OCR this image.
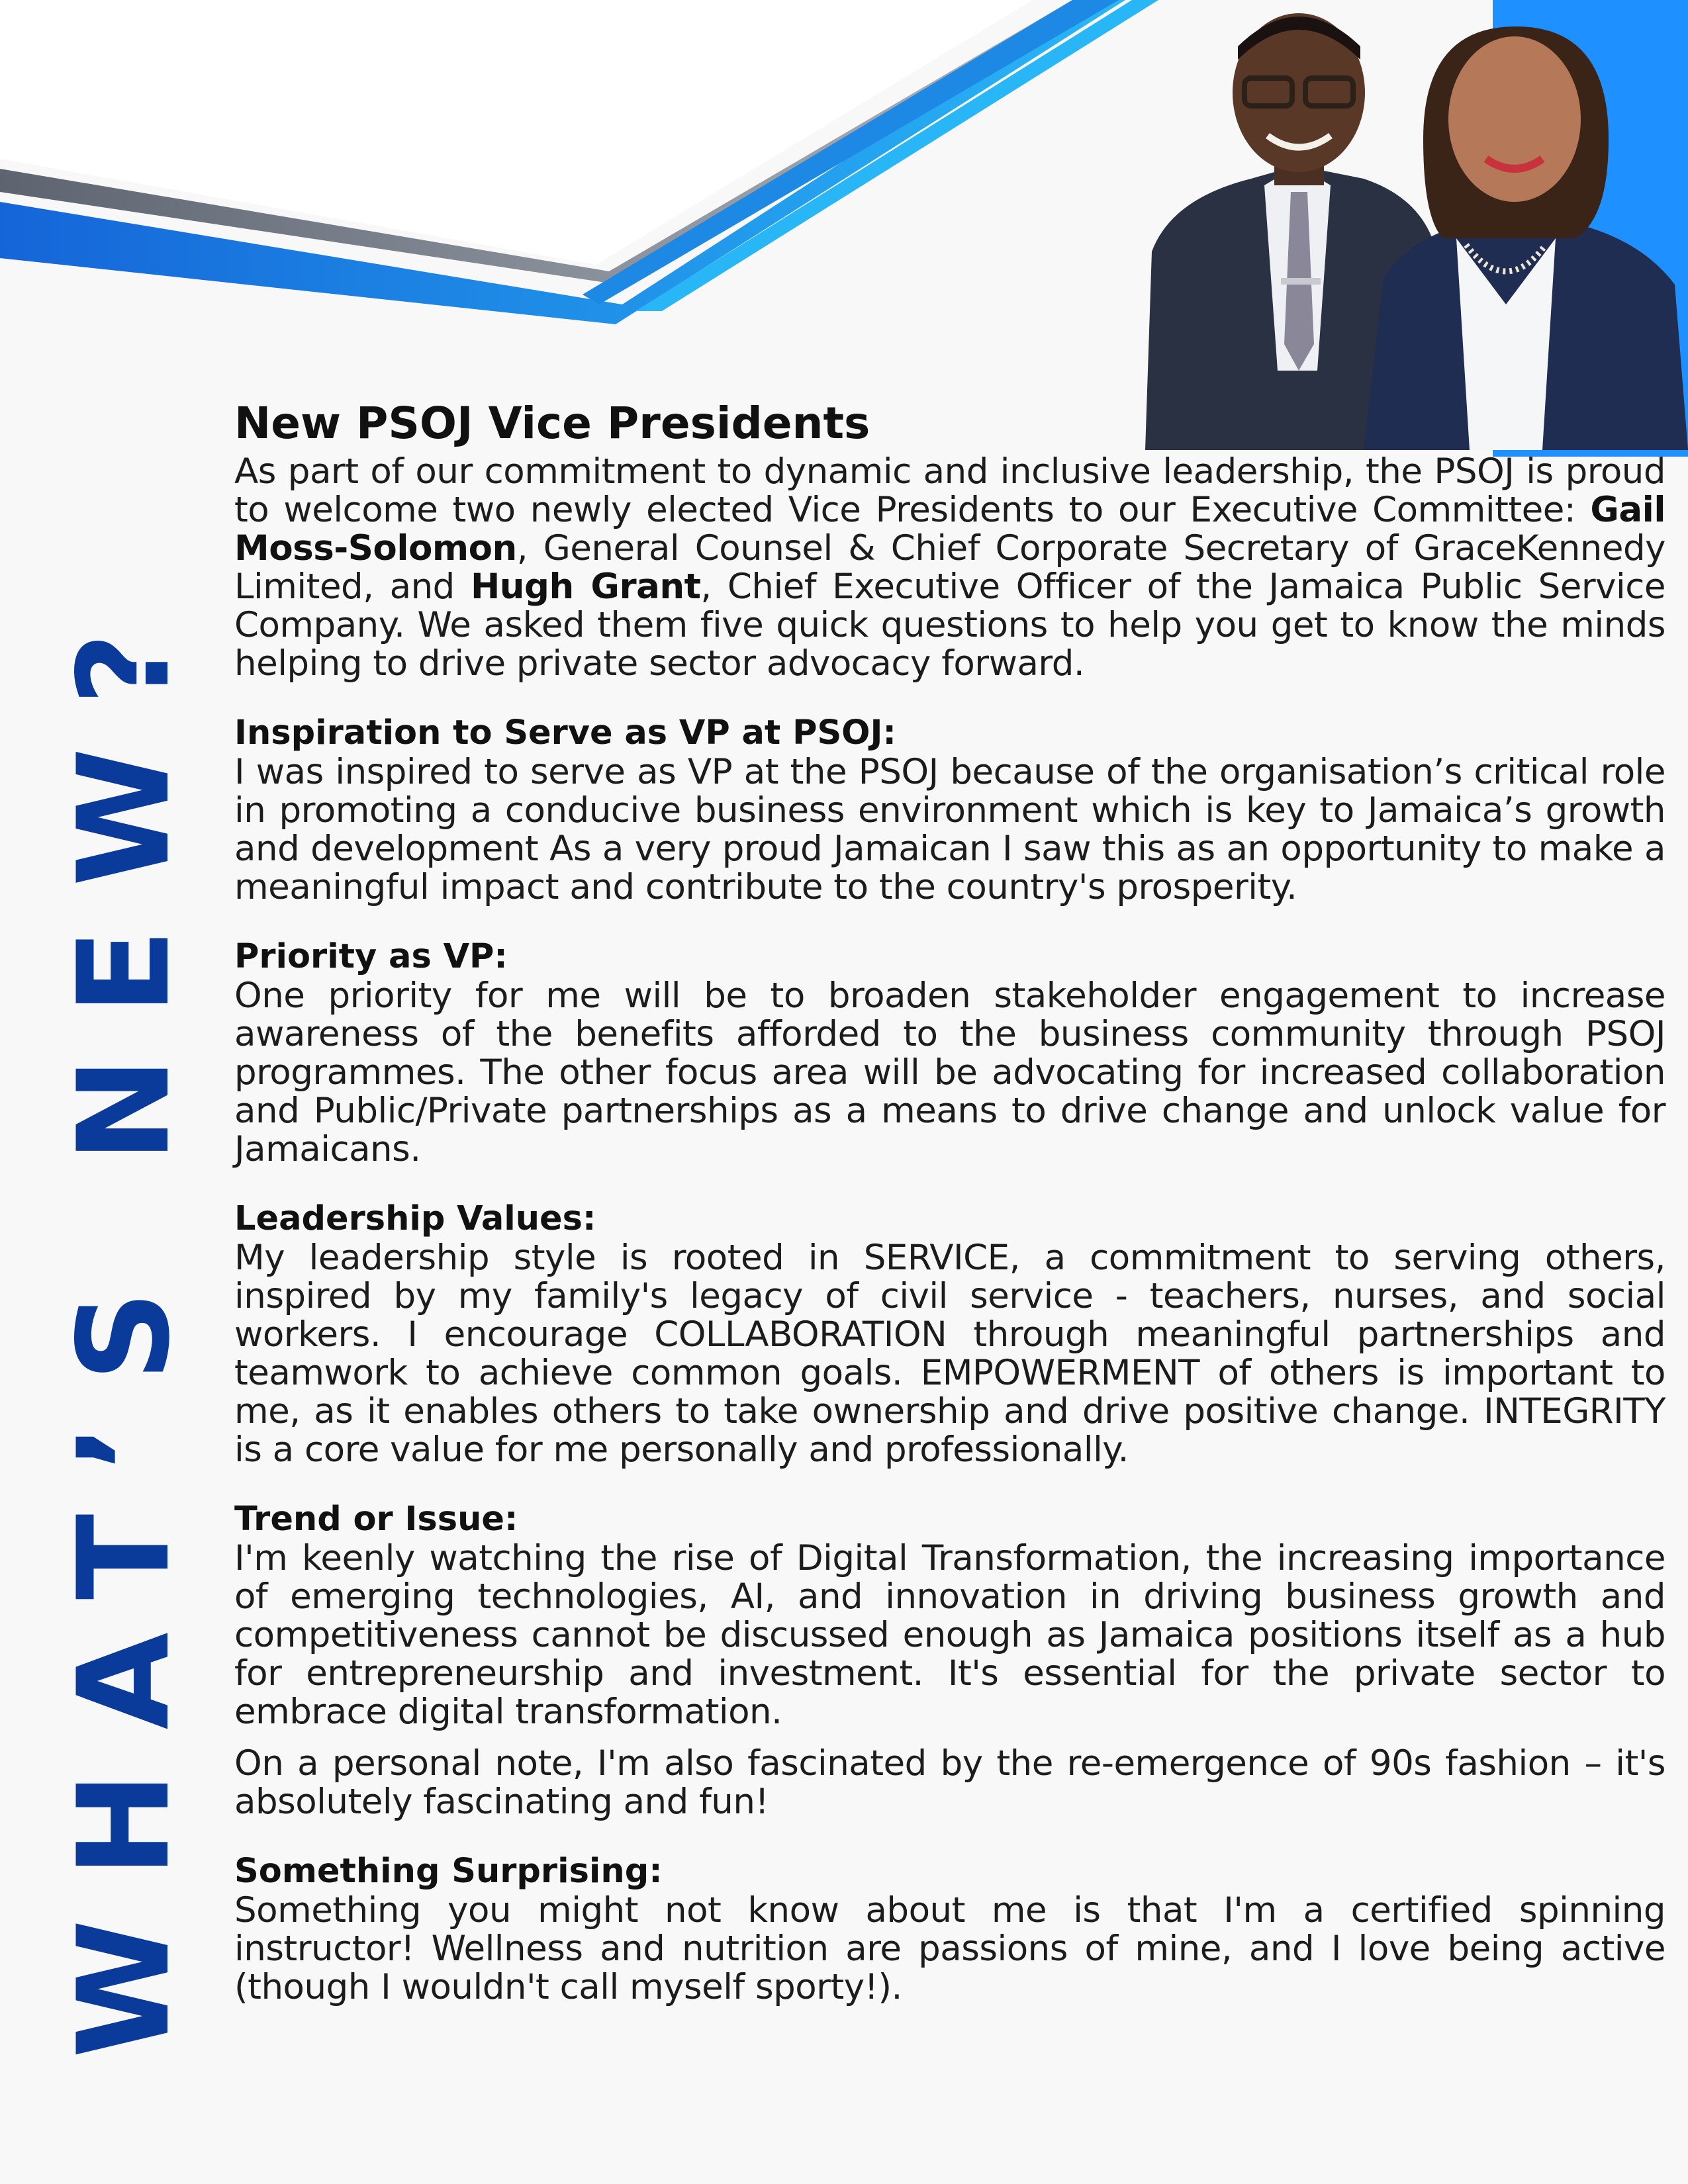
WHAT’S NEW?
New PSOJ Vice Presidents

As part of our commitment to dynamic and inclusive leadership, the PSOJ is proud to welcome two newly elected Vice Presidents to our Executive Committee: Gail Moss-Solomon, General Counsel & Chief Corporate Secretary of GraceKennedy Limited, and Hugh Grant, Chief Executive Officer of the Jamaica Public Service Company. We asked them five quick questions to help you get to know the minds helping to drive private sector advocacy forward.

Inspiration to Serve as VP at PSOJ:

I was inspired to serve as VP at the PSOJ because of the organisation’s critical role in promoting a conducive business environment which is key to Jamaica’s growth and development As a very proud Jamaican I saw this as an opportunity to make a meaningful impact and contribute to the country's prosperity.

Priority as VP:

One priority for me will be to broaden stakeholder engagement to increase awareness of the benefits afforded to the business community through PSOJ programmes. The other focus area will be advocating for increased collaboration and Public/Private partnerships as a means to drive change and unlock value for Jamaicans.

Leadership Values:

My leadership style is rooted in SERVICE, a commitment to serving others, inspired by my family's legacy of civil service - teachers, nurses, and social workers. I encourage COLLABORATION through meaningful partnerships and teamwork to achieve common goals. EMPOWERMENT of others is important to me, as it enables others to take ownership and drive positive change. INTEGRITY is a core value for me personally and professionally.

Trend or Issue:

I'm keenly watching the rise of Digital Transformation, the increasing importance of emerging technologies, AI, and innovation in driving business growth and competitiveness cannot be discussed enough as Jamaica positions itself as a hub for entrepreneurship and investment. It's essential for the private sector to embrace digital transformation.

On a personal note, I'm also fascinated by the re-emergence of 90s fashion – it's absolutely fascinating and fun!

Something Surprising:

Something you might not know about me is that I'm a certified spinning instructor! Wellness and nutrition are passions of mine, and I love being active (though I wouldn't call myself sporty!).
